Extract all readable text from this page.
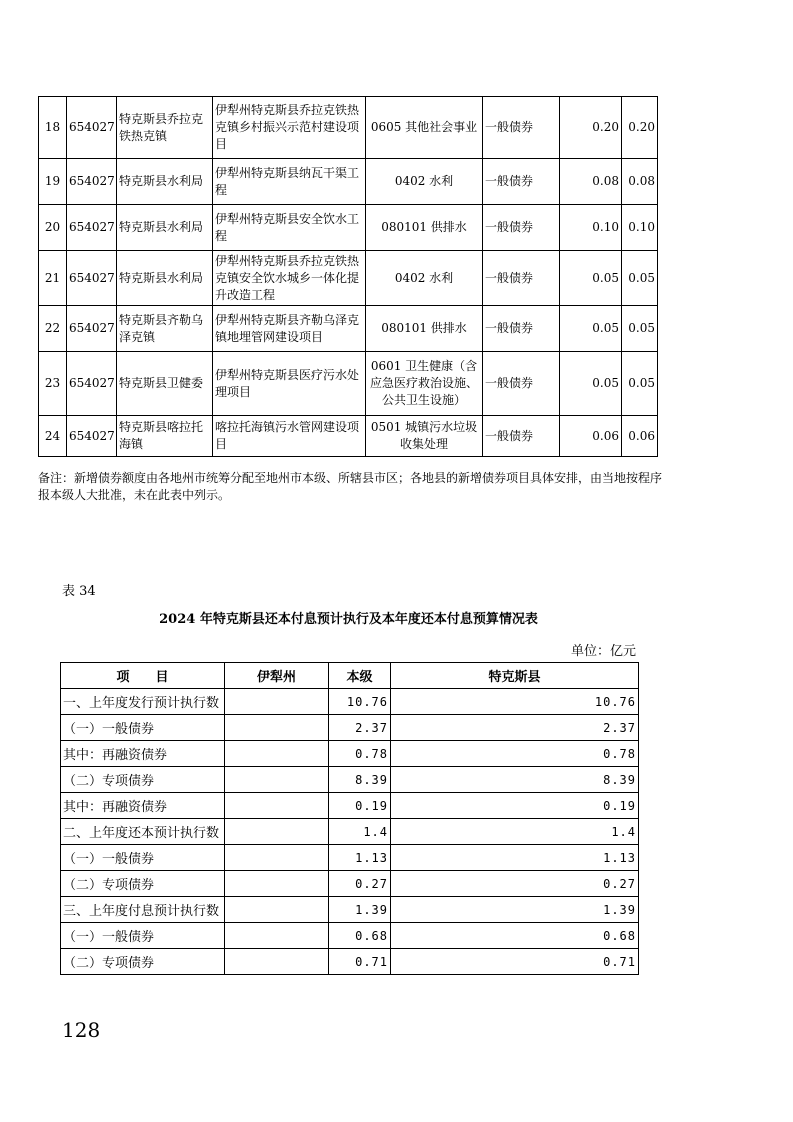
18	654027	特克斯县乔拉克铁热克镇	伊犁州特克斯县乔拉克铁热克镇乡村振兴示范村建设项目	0605 其他社会事业	一般债券	0.20	0.20
19	654027	特克斯县水利局	伊犁州特克斯县纳瓦干渠工程	0402 水利	一般债券	0.08	0.08
20	654027	特克斯县水利局	伊犁州特克斯县安全饮水工程	080101 供排水	一般债券	0.10	0.10
21	654027	特克斯县水利局	伊犁州特克斯县乔拉克铁热克镇安全饮水城乡一体化提升改造工程	0402 水利	一般债券	0.05	0.05
22	654027	特克斯县齐勒乌泽克镇	伊犁州特克斯县齐勒乌泽克镇地埋管网建设项目	080101 供排水	一般债券	0.05	0.05
23	654027	特克斯县卫健委	伊犁州特克斯县医疗污水处理项目	0601 卫生健康（含应急医疗救治设施、公共卫生设施）	一般债券	0.05	0.05
24	654027	特克斯县喀拉托海镇	喀拉托海镇污水管网建设项目	0501 城镇污水垃圾收集处理	一般债券	0.06	0.06
备注：新增债券额度由各地州市统筹分配至地州市本级、所辖县市区；各地县的新增债券项目具体安排，由当地按程序报本级人大批准，未在此表中列示。
表 34
2024 年特克斯县还本付息预计执行及本年度还本付息预算情况表
单位：亿元
项　　目	伊犁州	本级	特克斯县
一、上年度发行预计执行数		10.76	10.76
（一）一般债券		2.37	2.37
其中：再融资债券		0.78	0.78
（二）专项债券		8.39	8.39
其中：再融资债券		0.19	0.19
二、上年度还本预计执行数		1.4	1.4
（一）一般债券		1.13	1.13
（二）专项债券		0.27	0.27
三、上年度付息预计执行数		1.39	1.39
（一）一般债券		0.68	0.68
（二）专项债券		0.71	0.71
128
